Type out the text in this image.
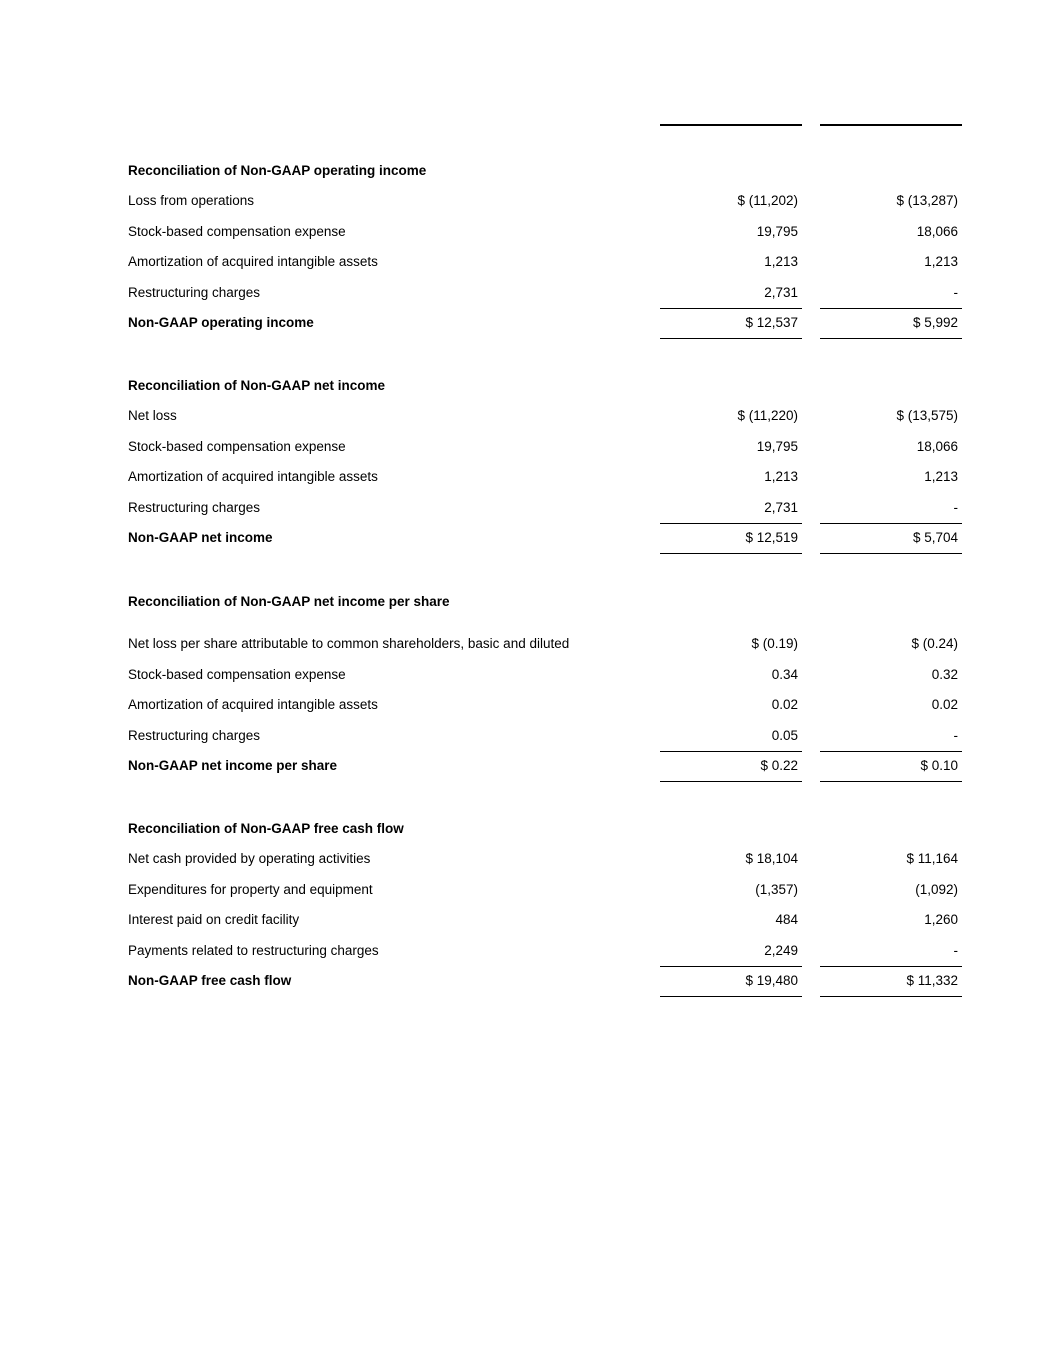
Reconciliation of Non-GAAP operating income
Loss from operations	$ (11,202)	$ (13,287)
Stock-based compensation expense	19,795	18,066
Amortization of acquired intangible assets	1,213	1,213
Restructuring charges	2,731	-
Non-GAAP operating income	$ 12,537	$ 5,992
Reconciliation of Non-GAAP net income
Net loss	$ (11,220)	$ (13,575)
Stock-based compensation expense	19,795	18,066
Amortization of acquired intangible assets	1,213	1,213
Restructuring charges	2,731	-
Non-GAAP net income	$ 12,519	$ 5,704
Reconciliation of Non-GAAP net income per share
Net loss per share attributable to common shareholders, basic and diluted	$ (0.19)	$ (0.24)
Stock-based compensation expense	0.34	0.32
Amortization of acquired intangible assets	0.02	0.02
Restructuring charges	0.05	-
Non-GAAP net income per share	$ 0.22	$ 0.10
Reconciliation of Non-GAAP free cash flow
Net cash provided by operating activities	$ 18,104	$ 11,164
Expenditures for property and equipment	(1,357)	(1,092)
Interest paid on credit facility	484	1,260
Payments related to restructuring charges	2,249	-
Non-GAAP free cash flow	$ 19,480	$ 11,332
